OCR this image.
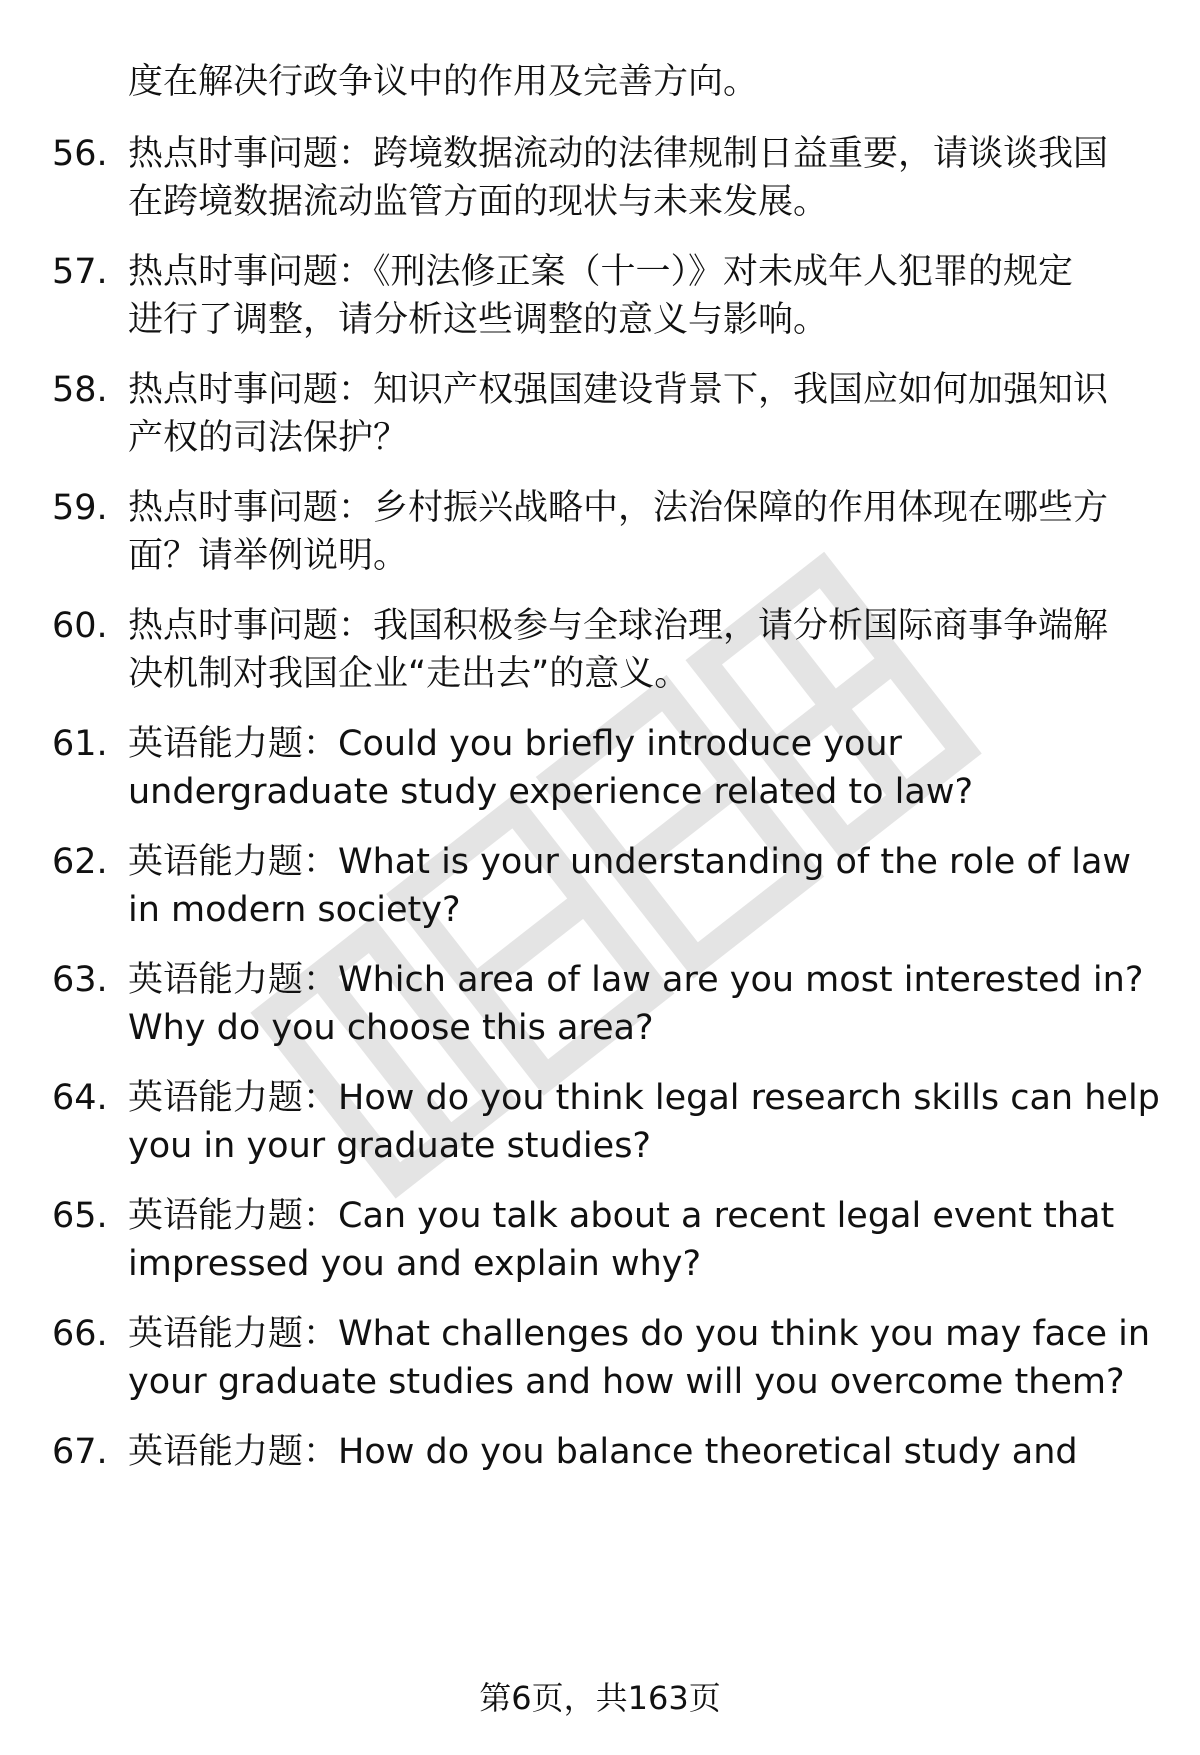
度在解决行政争议中的作用及完善方向。
56. 热点时事问题：跨境数据流动的法律规制日益重要，请谈谈我国
在跨境数据流动监管方面的现状与未来发展。
57. 热点时事问题：《刑法修正案（十一）》对未成年人犯罪的规定
进行了调整，请分析这些调整的意义与影响。
58. 热点时事问题：知识产权强国建设背景下，我国应如何加强知识
产权的司法保护？
59. 热点时事问题：乡村振兴战略中，法治保障的作用体现在哪些方
面？请举例说明。
60. 热点时事问题：我国积极参与全球治理，请分析国际商事争端解
决机制对我国企业“走出去”的意义。
61. 英语能力题：Could you briefly introduce your
undergraduate study experience related to law?
62. 英语能力题：What is your understanding of the role of law
in modern society?
63. 英语能力题：Which area of law are you most interested in?
Why do you choose this area?
64. 英语能力题：How do you think legal research skills can help
you in your graduate studies?
65. 英语能力题：Can you talk about a recent legal event that
impressed you and explain why?
66. 英语能力题：What challenges do you think you may face in
your graduate studies and how will you overcome them?
67. 英语能力题：How do you balance theoretical study and
第6页，共163页
